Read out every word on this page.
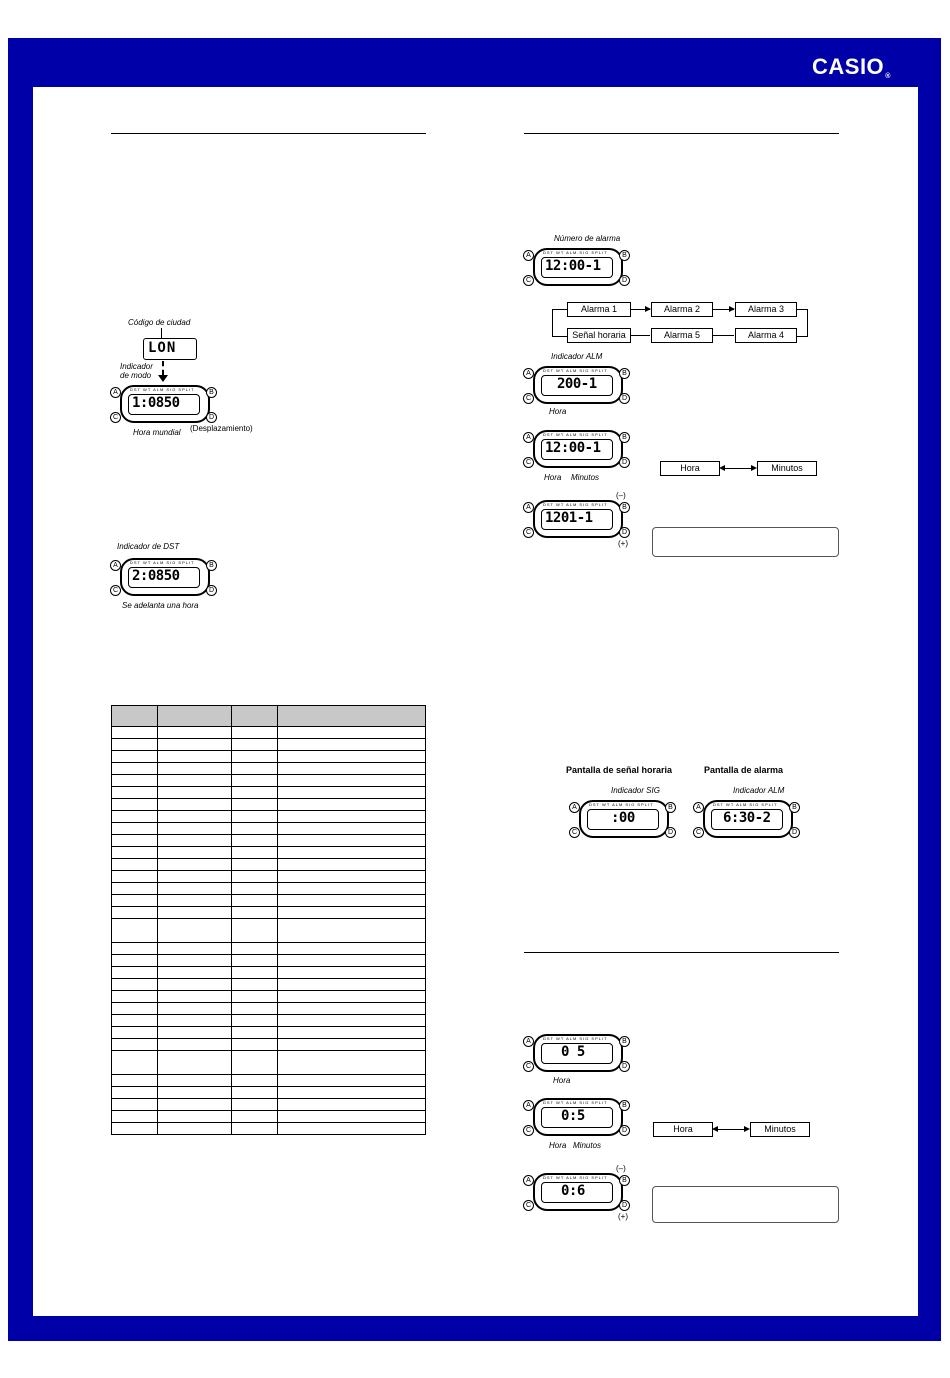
CASIO®
Código de ciudad
LON
Indicador
de modo
DST WT ALM SIG SPLIT
1:0850
A	B
C	D
Hora mundial (Desplazamiento)
Indicador de DST
DST WT ALM SIG SPLIT
2:0850
A	B
C	D
Se adelanta una hora

Número de alarma
DST WT ALM SIG SPLIT
12:00-1
A	B
C	D
Alarma 1	Alarma 2	Alarma 3
Alarma 4
Alarma 5
Señal horaria
Indicador ALM
DST WT ALM SIG SPLIT
200-1
A	B
C	D
Hora
DST WT ALM SIG SPLIT
12:00-1
A	B
C	D
Hora Minutos
Hora	Minutos
(–)
DST WT ALM SIG SPLIT
1201-1
A	B
C	D
(+)
Pantalla de señal horaria	Pantalla de alarma
Indicador SIG	Indicador ALM
DST WT ALM SIG SPLIT
:00
A	B
C	D
DST WT ALM SIG SPLIT
6:30-2
A	B
C	D
DST WT ALM SIG SPLIT
0 5
A	B
C	D
Hora
DST WT ALM SIG SPLIT
0:5
A	B
C	D
Hora Minutos
Hora	Minutos
(–)
DST WT ALM SIG SPLIT
0:6
A	B
C	D
(+)
